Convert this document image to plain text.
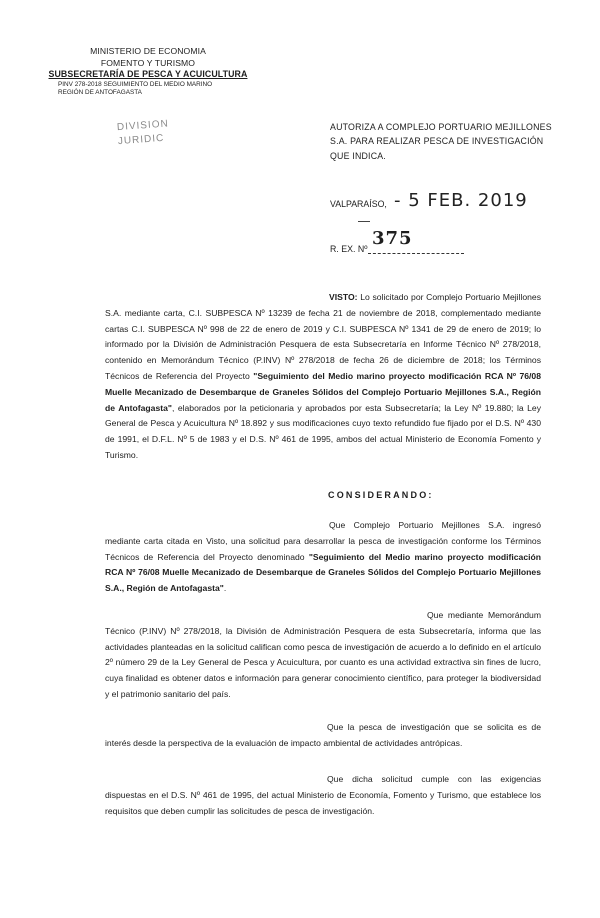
MINISTERIO DE ECONOMIA
FOMENTO Y TURISMO
SUBSECRETARÍA DE PESCA Y ACUICULTURA
PINV 278-2018 SEGUIMIENTO DEL MEDIO MARINO
REGIÓN DE ANTOFAGASTA
DIVISION
JURIDIC
AUTORIZA A COMPLEJO PORTUARIO MEJILLONES S.A. PARA REALIZAR PESCA DE INVESTIGACIÓN QUE INDICA.
VALPARAÍSO, - 5 FEB. 2019
375
R. EX. Nº
VISTO: Lo solicitado por Complejo Portuario Mejillones S.A. mediante carta, C.I. SUBPESCA Nº 13239 de fecha 21 de noviembre de 2018, complementado mediante cartas C.I. SUBPESCA Nº 998 de 22 de enero de 2019 y C.I. SUBPESCA Nº 1341 de 29 de enero de 2019; lo informado por la División de Administración Pesquera de esta Subsecretaría en Informe Técnico Nº 278/2018, contenido en Memorándum Técnico (P.INV) Nº 278/2018 de fecha 26 de diciembre de 2018; los Términos Técnicos de Referencia del Proyecto "Seguimiento del Medio marino proyecto modificación RCA Nº 76/08 Muelle Mecanizado de Desembarque de Graneles Sólidos del Complejo Portuario Mejillones S.A., Región de Antofagasta", elaborados por la peticionaria y aprobados por esta Subsecretaría; la Ley Nº 19.880; la Ley General de Pesca y Acuicultura Nº 18.892 y sus modificaciones cuyo texto refundido fue fijado por el D.S. Nº 430 de 1991, el D.F.L. Nº 5 de 1983 y el D.S. Nº 461 de 1995, ambos del actual Ministerio de Economía Fomento y Turismo.
CONSIDERANDO:
Que Complejo Portuario Mejillones S.A. ingresó mediante carta citada en Visto, una solicitud para desarrollar la pesca de investigación conforme los Términos Técnicos de Referencia del Proyecto denominado "Seguimiento del Medio marino proyecto modificación RCA Nº 76/08 Muelle Mecanizado de Desembarque de Graneles Sólidos del Complejo Portuario Mejillones S.A., Región de Antofagasta".
Que mediante Memorándum Técnico (P.INV) Nº 278/2018, la División de Administración Pesquera de esta Subsecretaría, informa que las actividades planteadas en la solicitud califican como pesca de investigación de acuerdo a lo definido en el artículo 2º número 29 de la Ley General de Pesca y Acuicultura, por cuanto es una actividad extractiva sin fines de lucro, cuya finalidad es obtener datos e información para generar conocimiento científico, para proteger la biodiversidad y el patrimonio sanitario del país.
Que la pesca de investigación que se solicita es de interés desde la perspectiva de la evaluación de impacto ambiental de actividades antrópicas.
Que dicha solicitud cumple con las exigencias dispuestas en el D.S. Nº 461 de 1995, del actual Ministerio de Economía, Fomento y Turismo, que establece los requisitos que deben cumplir las solicitudes de pesca de investigación.
